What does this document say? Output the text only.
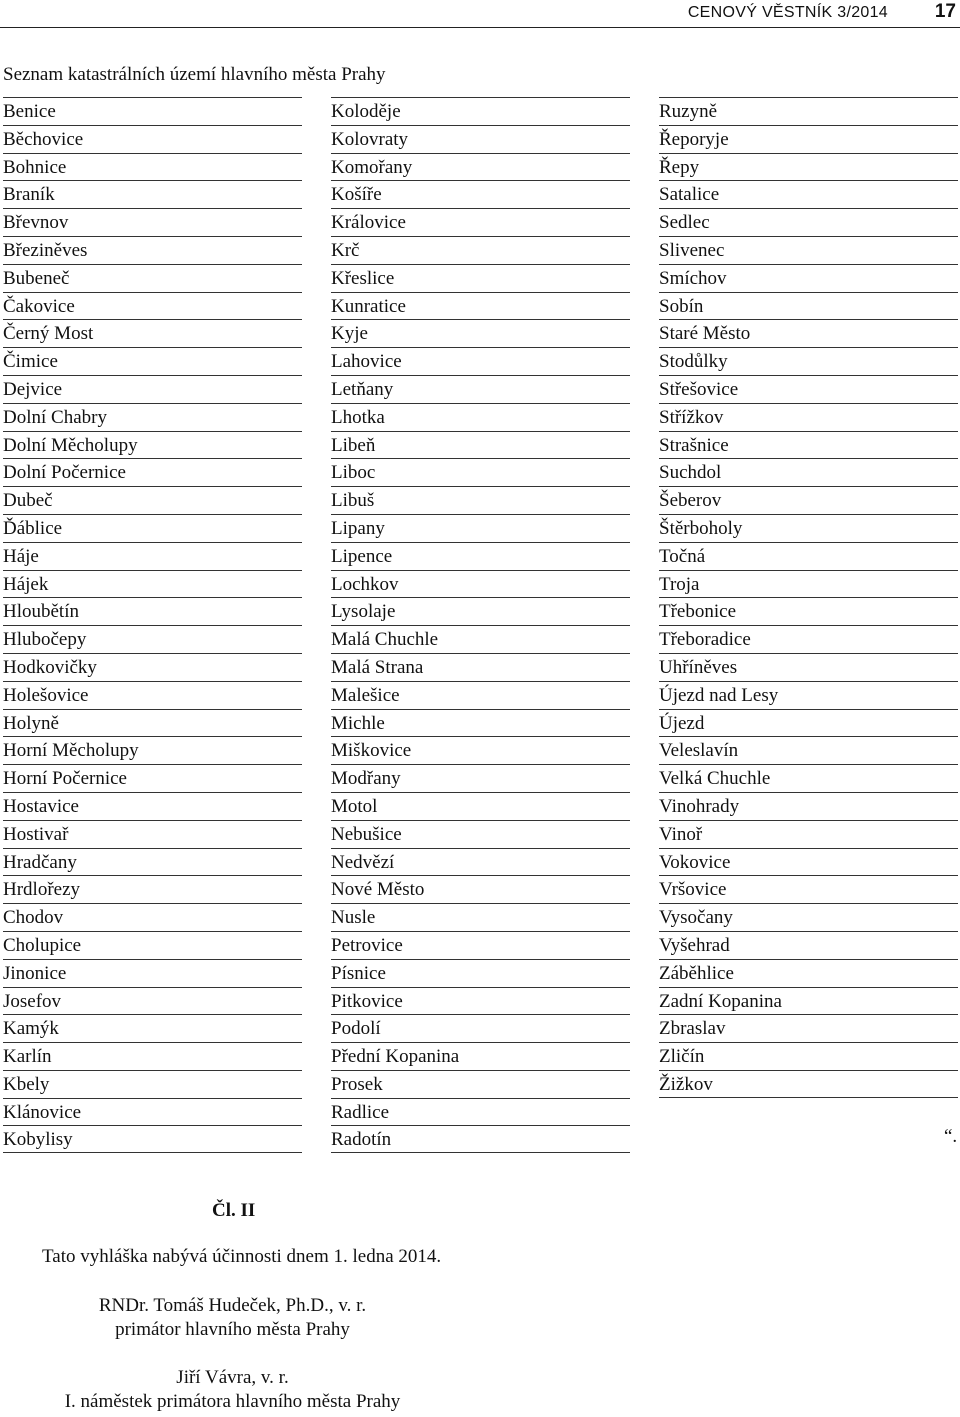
CENOVÝ VĚSTNÍK 3/2014 17
Seznam katastrálních území hlavního města Prahy
Benice
Běchovice
Bohnice
Braník
Břevnov
Březiněves
Bubeneč
Čakovice
Černý Most
Čimice
Dejvice
Dolní Chabry
Dolní Měcholupy
Dolní Počernice
Dubeč
Ďáblice
Háje
Hájek
Hloubětín
Hlubočepy
Hodkovičky
Holešovice
Holyně
Horní Měcholupy
Horní Počernice
Hostavice
Hostivař
Hradčany
Hrdlořezy
Chodov
Cholupice
Jinonice
Josefov
Kamýk
Karlín
Kbely
Klánovice
Kobylisy
Koloděje
Kolovraty
Komořany
Košíře
Královice
Krč
Křeslice
Kunratice
Kyje
Lahovice
Letňany
Lhotka
Libeň
Liboc
Libuš
Lipany
Lipence
Lochkov
Lysolaje
Malá Chuchle
Malá Strana
Malešice
Michle
Miškovice
Modřany
Motol
Nebušice
Nedvězí
Nové Město
Nusle
Petrovice
Písnice
Pitkovice
Podolí
Přední Kopanina
Prosek
Radlice
Radotín
Ruzyně
Řeporyje
Řepy
Satalice
Sedlec
Slivenec
Smíchov
Sobín
Staré Město
Stodůlky
Střešovice
Střížkov
Strašnice
Suchdol
Šeberov
Štěrboholy
Točná
Troja
Třebonice
Třeboradice
Uhříněves
Újezd nad Lesy
Újezd
Veleslavín
Velká Chuchle
Vinohrady
Vinoř
Vokovice
Vršovice
Vysočany
Vyšehrad
Záběhlice
Zadní Kopanina
Zbraslav
Zličín
Žižkov
“.
Čl. II
Tato vyhláška nabývá účinnosti dnem 1. ledna 2014.
RNDr. Tomáš Hudeček, Ph.D., v. r.
primátor hlavního města Prahy
Jiří Vávra, v. r.
I. náměstek primátora hlavního města Prahy
